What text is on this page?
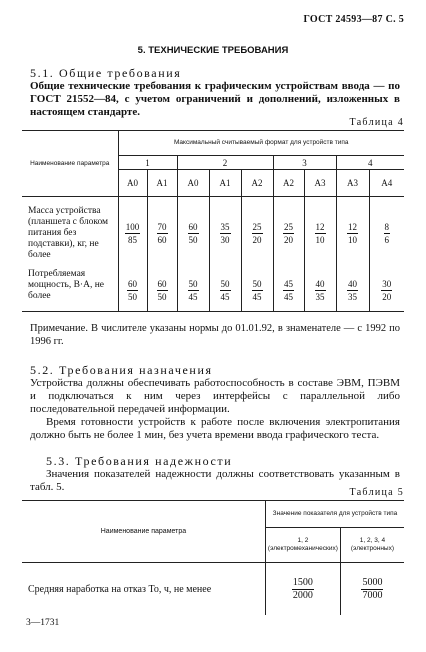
ГОСТ 24593—87 С. 5
5. ТЕХНИЧЕСКИЕ ТРЕБОВАНИЯ
5.1. Общие требования
Общие технические требования к графическим устройствам ввода — по ГОСТ 21552—84, с учетом ограничений и дополнений, изложенных в настоящем стандарте.
Таблица 4
Наименование параметра	Максимальный считываемый формат для устройств типа								
	1		2			3		4	
	A0	A1	A0	A1	A2	A2	A3	A3	A4
Масса устройства (планшета с блоком питания без подставки), кг, не более	$\frac{100}{85}$	$\frac{70}{60}$	$\frac{60}{50}$	$\frac{35}{30}$	$\frac{25}{20}$	$\frac{25}{20}$	$\frac{12}{10}$	$\frac{12}{10}$	$\frac{8}{6}$

Потребляемая мощность, В·А, не более	$\frac{60}{50}$	$\frac{60}{50}$	$\frac{50}{45}$	$\frac{50}{45}$	$\frac{50}{45}$	$\frac{45}{45}$	$\frac{40}{35}$	$\frac{40}{35}$	$\frac{30}{20}$
Примечание. В числителе указаны нормы до 01.01.92, в знаменателе — с 1992 по 1996 гг.
5.2. Требования назначения
Устройства должны обеспечивать работоспособность в составе ЭВМ, ПЭВМ и подключаться к ним через интерфейсы с параллельной либо последовательной передачей информации.
Время готовности устройств к работе после включения электропитания должно быть не более 1 мин, без учета времени ввода графического теста.
5.3. Требования надежности
Значения показателей надежности должны соответствовать указанным в табл. 5.	Таблица 5
Наименование параметра	Значение показателя для устройств типа	
	1, 2 (электромеханических)	1, 2, 3, 4 (электронных)
Средняя наработка на отказ To, ч, не менее	$\frac{1500}{2000}$	$\frac{5000}{7000}$
3—1731
